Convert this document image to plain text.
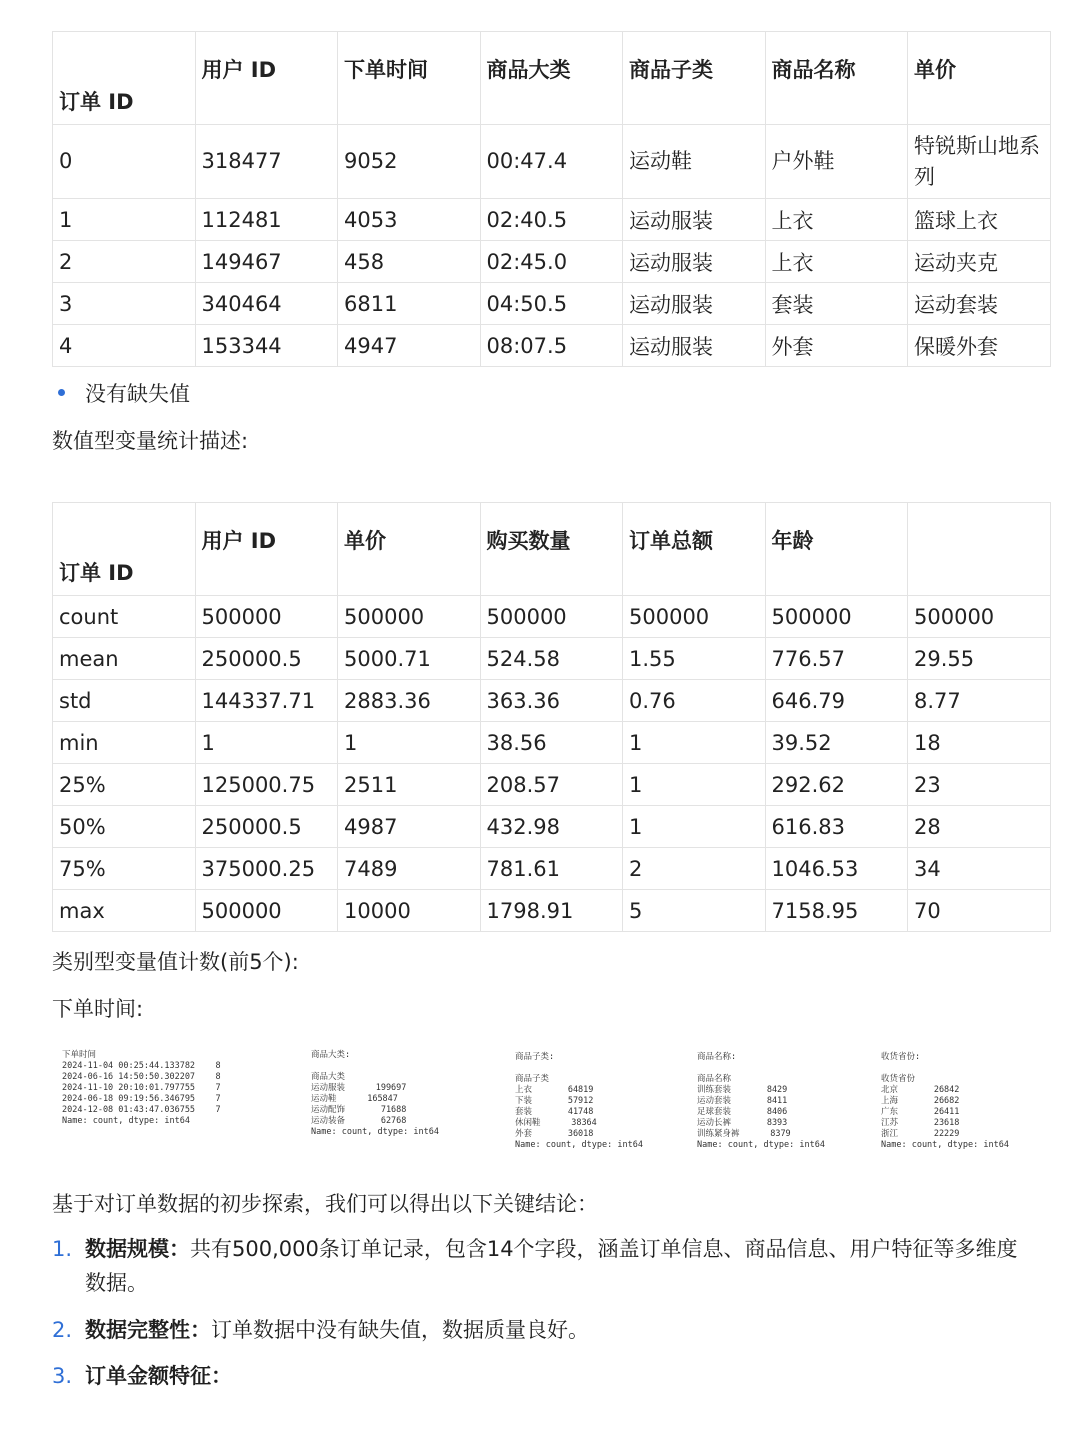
订单 ID	用户 ID	下单时间	商品大类	商品子类	商品名称	单价
0	318477	9052	00:47.4	运动鞋	户外鞋	特锐斯山地系列
1	112481	4053	02:40.5	运动服装	上衣	篮球上衣
2	149467	458	02:45.0	运动服装	上衣	运动夹克
3	340464	6811	04:50.5	运动服装	套装	运动套装
4	153344	4947	08:07.5	运动服装	外套	保暖外套
没有缺失值
数值型变量统计描述:
订单 ID	用户 ID	单价	购买数量	订单总额	年龄	
count	500000	500000	500000	500000	500000	500000
mean	250000.5	5000.71	524.58	1.55	776.57	29.55
std	144337.71	2883.36	363.36	0.76	646.79	8.77
min	1	1	38.56	1	39.52	18
25%	125000.75	2511	208.57	1	292.62	23
50%	250000.5	4987	432.98	1	616.83	28
75%	375000.25	7489	781.61	2	1046.53	34
max	500000	10000	1798.91	5	7158.95	70
类别型变量值计数(前5个):
下单时间:
下单时间
2024-11-04 00:25:44.133782    8
2024-06-16 14:50:50.302207    8
2024-11-10 20:10:01.797755    7
2024-06-18 09:19:56.346795    7
2024-12-08 01:43:47.036755    7
Name: count, dtype: int64
商品大类:

商品大类
运动服装      199697
运动鞋      165847
运动配饰       71688
运动装备       62768
Name: count, dtype: int64
商品子类:

商品子类
上衣       64819
下装       57912
套装       41748
休闲鞋      38364
外套       36018
Name: count, dtype: int64
商品名称:

商品名称
训练套装       8429
运动套装       8411
足球套装       8406
运动长裤       8393
训练紧身裤      8379
Name: count, dtype: int64
收货省份:

收货省份
北京       26842
上海       26682
广东       26411
江苏       23618
浙江       22229
Name: count, dtype: int64
基于对订单数据的初步探索，我们可以得出以下关键结论：
1. 数据规模：共有500,000条订单记录，包含14个字段，涵盖订单信息、商品信息、用户特征等多维度数据。
2. 数据完整性：订单数据中没有缺失值，数据质量良好。
3. 订单金额特征：
